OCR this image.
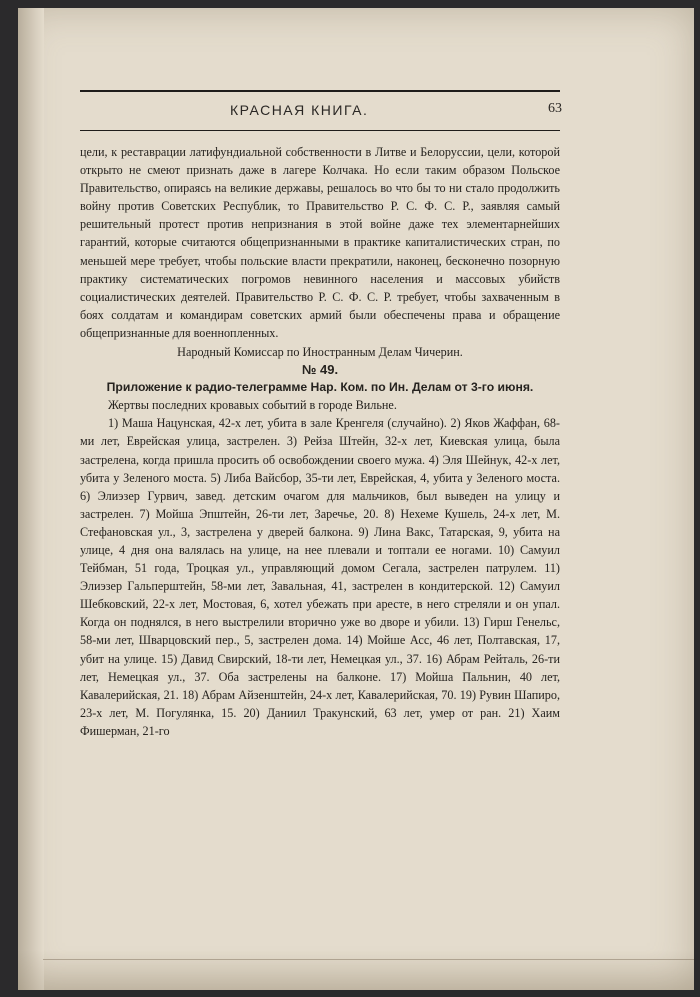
КРАСНАЯ КНИГА.	63

цели, к реставрации латифундиальной собственности в Литве и Белоруссии, цели, которой открыто не смеют признать даже в лагере Колчака. Но если таким образом Польское Правительство, опираясь на великие державы, решалось во что бы то ни стало продолжить войну против Советских Республик, то Правительство Р. С. Ф. С. Р., заявляя самый решительный протест против непризнания в этой войне даже тех элементарнейших гарантий, которые считаются общепризнанными в практике капиталистических стран, по меньшей мере требует, чтобы польские власти прекратили, наконец, бесконечно позорную практику систематических погромов невинного населения и массовых убийств социалистических деятелей. Правительство Р. С. Ф. С. Р. требует, чтобы захваченным в боях солдатам и командирам советских армий были обеспечены права и обращение общепризнанные для военнопленных.

Народный Комиссар по Иностранным Делам Чичерин.

№ 49.

Приложение к радио-телеграмме Нар. Ком. по Ин. Делам от 3-го июня.

Жертвы последних кровавых событий в городе Вильне.

1) Маша Нацунская, 42-х лет, убита в зале Кренгеля (случайно). 2) Яков Жаффан, 68-ми лет, Еврейская улица, застрелен. 3) Рейза Штейн, 32-х лет, Киевская улица, была застрелена, когда пришла просить об освобождении своего мужа. 4) Эля Шейнук, 42-х лет, убита у Зеленого моста. 5) Либа Вайсбор, 35-ти лет, Еврейская, 4, убита у Зеленого моста. 6) Элиэзер Гурвич, завед. детским очагом для мальчиков, был выведен на улицу и застрелен. 7) Мойша Эпштейн, 26-ти лет, Заречье, 20. 8) Нехеме Кушель, 24-х лет, М. Стефановская ул., 3, застрелена у дверей балкона. 9) Лина Вакс, Татарская, 9, убита на улице, 4 дня она валялась на улице, на нее плевали и топтали ее ногами. 10) Самуил Тейбман, 51 года, Троцкая ул., управляющий домом Сегала, застрелен патрулем. 11) Элиэзер Гальперштейн, 58-ми лет, Завальная, 41, застрелен в кондитерской. 12) Самуил Шебковский, 22-х лет, Мостовая, 6, хотел убежать при аресте, в него стреляли и он упал. Когда он поднялся, в него выстрелили вторично уже во дворе и убили. 13) Гирш Генельс, 58-ми лет, Шварцовский пер., 5, застрелен дома. 14) Мойше Асс, 46 лет, Полтавская, 17, убит на улице. 15) Давид Свирский, 18-ти лет, Немецкая ул., 37. 16) Абрам Рейталь, 26-ти лет, Немецкая ул., 37. Оба застрелены на балконе. 17) Мойша Пальнин, 40 лет, Кавалерийская, 21. 18) Абрам Айзенштейн, 24-х лет, Кавалерийская, 70. 19) Рувин Шапиро, 23-х лет, М. Погулянка, 15. 20) Даниил Тракунский, 63 лет, умер от ран. 21) Хаим Фишерман, 21-го
